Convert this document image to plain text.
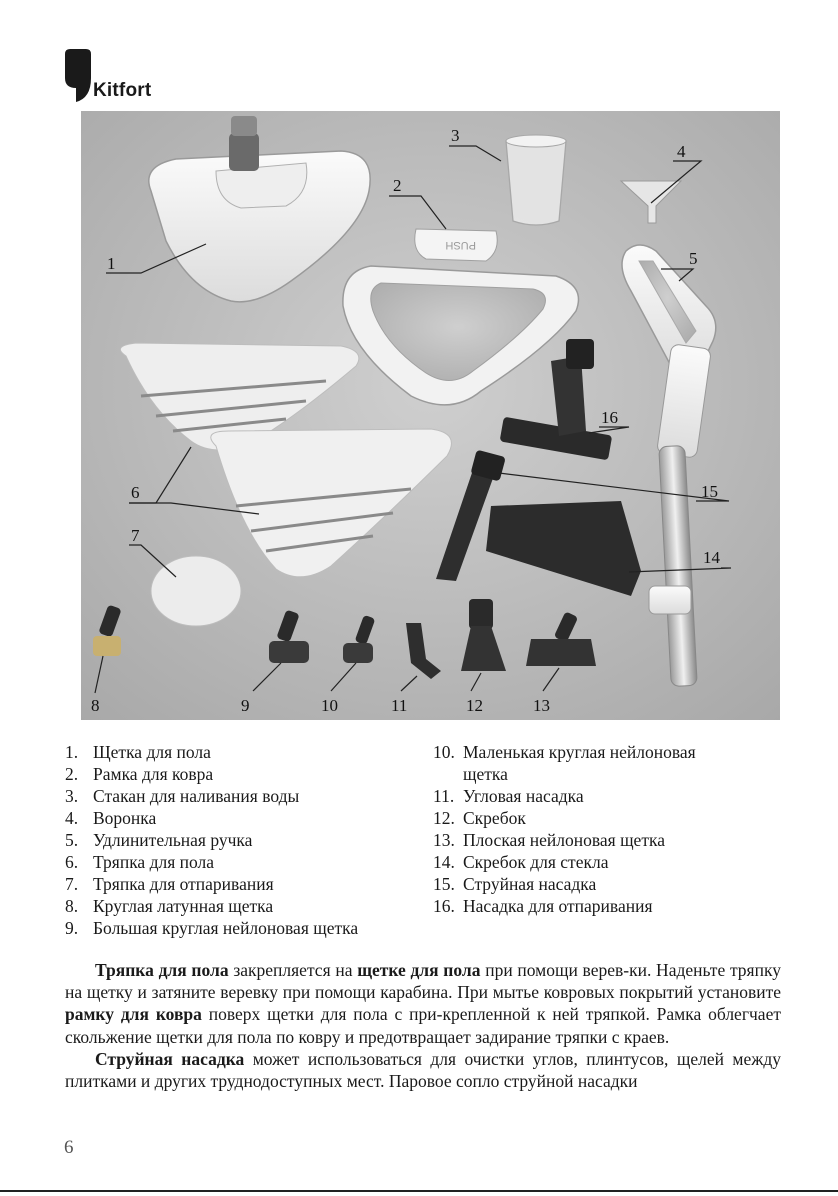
Kitfort
PUSH
1
2
3
4
5
16
6	15
7
14
8	9	10	11	12	13
1. Щетка для пола
2. Рамка для ковра
3. Стакан для наливания воды
4. Воронка
5. Удлинительная ручка
6. Тряпка для пола
7. Тряпка для отпаривания
8. Круглая латунная щетка
9. Большая круглая нейлоновая щетка
10. Маленькая круглая нейлоновая
щетка
11. Угловая насадка
12. Скребок
13. Плоская нейлоновая щетка
14. Скребок для стекла
15. Струйная насадка
16. Насадка для отпаривания

Тряпка для пола закрепляется на щетке для пола при помощи верев-ки. Наденьте тряпку на щетку и затяните веревку при помощи карабина. При мытье ковровых покрытий установите рамку для ковра поверх щетки для пола с при-крепленной к ней тряпкой. Рамка облегчает скольжение щетки для пола по ковру и предотвращает задирание тряпки с краев.

Струйная насадка может использоваться для очистки углов, плинтусов, щелей между плитками и других труднодоступных мест. Паровое сопло струйной насадки

6
